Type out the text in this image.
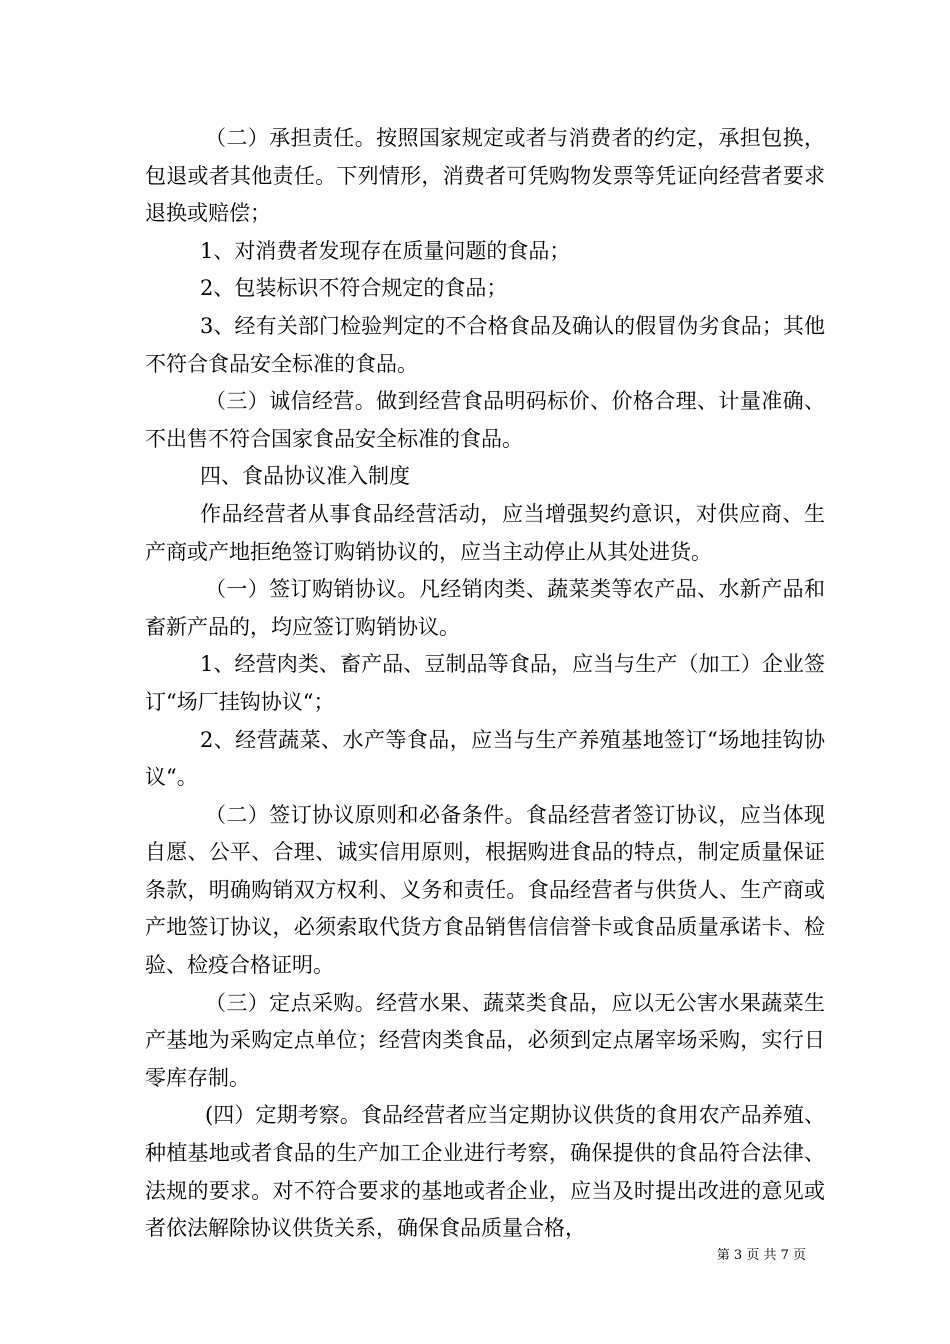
（二）承担责任。按照国家规定或者与消费者的约定，承担包换，包退或者其他责任。下列情形，消费者可凭购物发票等凭证向经营者要求退换或赔偿；

1、对消费者发现存在质量问题的食品；

2、包装标识不符合规定的食品；

3、经有关部门检验判定的不合格食品及确认的假冒伪劣食品；其他不符合食品安全标准的食品。

（三）诚信经营。做到经营食品明码标价、价格合理、计量准确、不出售不符合国家食品安全标准的食品。

四、食品协议准入制度

作品经营者从事食品经营活动，应当增强契约意识，对供应商、生产商或产地拒绝签订购销协议的，应当主动停止从其处进货。

（一）签订购销协议。凡经销肉类、蔬菜类等农产品、水新产品和畜新产品的，均应签订购销协议。

1、经营肉类、畜产品、豆制品等食品，应当与生产（加工）企业签订“场厂挂钩协议“；

2、经营蔬菜、水产等食品，应当与生产养殖基地签订“场地挂钩协议“。

（二）签订协议原则和必备条件。食品经营者签订协议，应当体现自愿、公平、合理、诚实信用原则，根据购进食品的特点，制定质量保证条款，明确购销双方权利、义务和责任。食品经营者与供货人、生产商或产地签订协议，必须索取代货方食品销售信信誉卡或食品质量承诺卡、检验、检疫合格证明。

（三）定点采购。经营水果、蔬菜类食品，应以无公害水果蔬菜生产基地为采购定点单位；经营肉类食品，必须到定点屠宰场采购，实行日零库存制。

(四）定期考察。食品经营者应当定期协议供货的食用农产品养殖、种植基地或者食品的生产加工企业进行考察，确保提供的食品符合法律、法规的要求。对不符合要求的基地或者企业，应当及时提出改进的意见或者依法解除协议供货关系，确保食品质量合格，

第 3 页 共 7 页
